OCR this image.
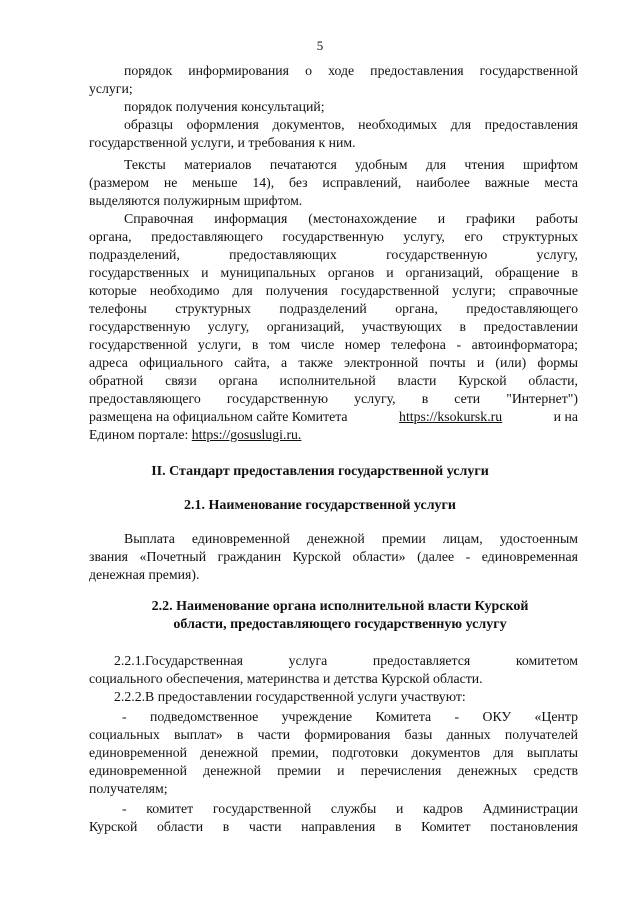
5
порядок информирования о ходе предоставления государственной
услуги;
порядок получения консультаций;
образцы оформления документов, необходимых для предоставления
государственной услуги, и требования к ним.
Тексты материалов печатаются удобным для чтения шрифтом
(размером не меньше 14), без исправлений, наиболее важные места
выделяются полужирным шрифтом.
Справочная информация (местонахождение и графики работы
органа, предоставляющего государственную услугу, его структурных
подразделений, предоставляющих государственную услугу,
государственных и муниципальных органов и организаций, обращение в
которые необходимо для получения государственной услуги; справочные
телефоны структурных подразделений органа, предоставляющего
государственную услугу, организаций, участвующих в предоставлении
государственной услуги, в том числе номер телефона - автоинформатора;
адреса официального сайта, а также электронной почты и (или) формы
обратной связи органа исполнительной власти Курской области,
предоставляющего государственную услугу, в сети "Интернет")
размещена на официальном сайте Комитета	https://ksokursk.ru	и на
Едином портале: https://gosuslugi.ru.
II. Стандарт предоставления государственной услуги
2.1. Наименование государственной услуги
Выплата единовременной денежной премии лицам, удостоенным
звания «Почетный гражданин Курской области» (далее - единовременная
денежная премия).
2.2. Наименование органа исполнительной власти Курской
области, предоставляющего государственную услугу
2.2.1.Государственная услуга предоставляется комитетом
социального обеспечения, материнства и детства Курской области.
2.2.2.В предоставлении государственной услуги участвуют:
- подведомственное учреждение Комитета - ОКУ «Центр
социальных выплат» в части формирования базы данных получателей
единовременной денежной премии, подготовки документов для выплаты
единовременной денежной премии и перечисления денежных средств
получателям;
- комитет государственной службы и кадров Администрации
Курской области в части направления в Комитет постановления
